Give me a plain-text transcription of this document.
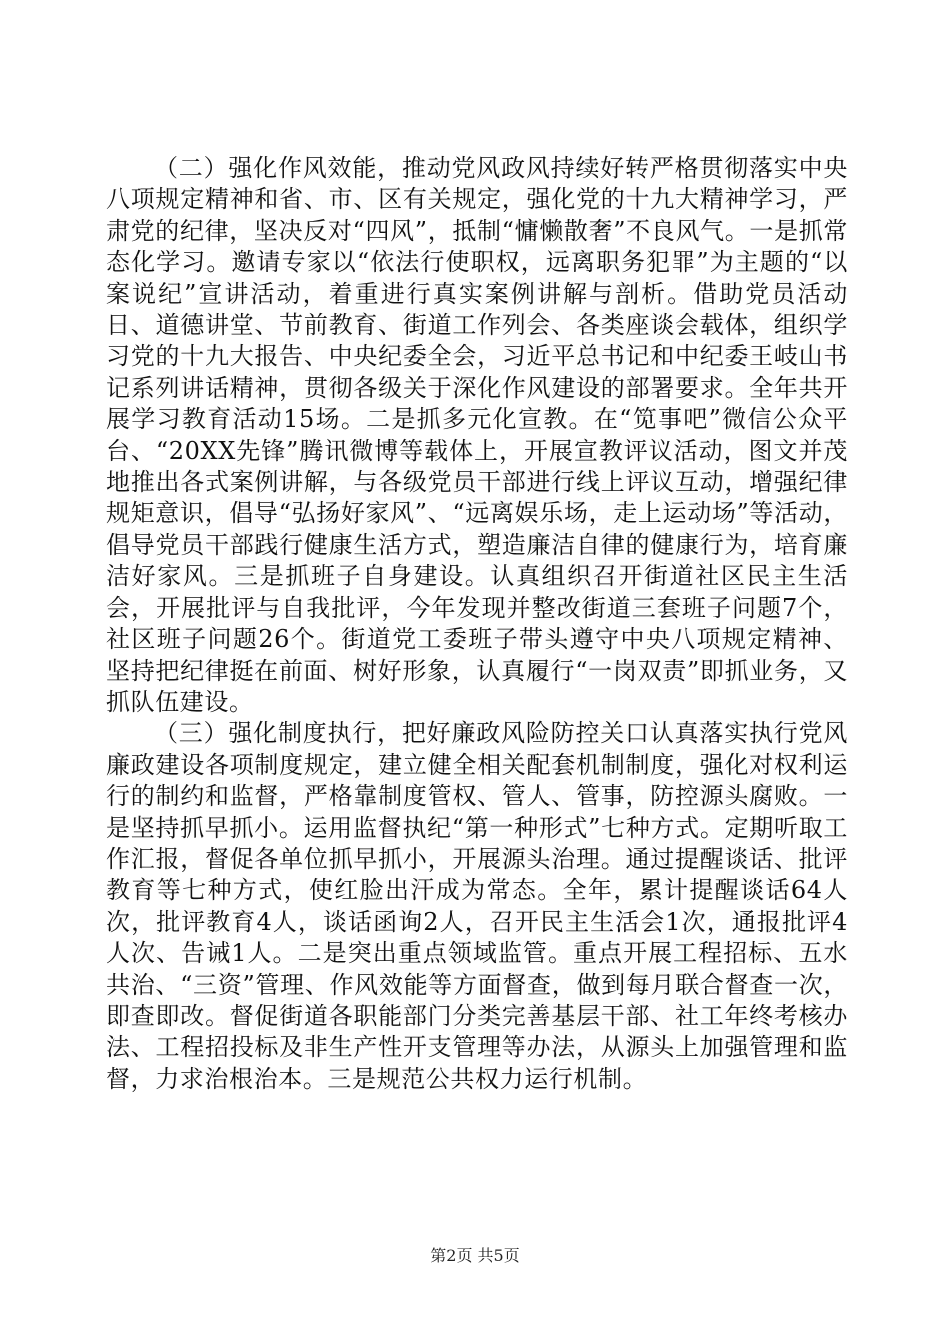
（二）强化作风效能，推动党风政风持续好转严格贯彻落实中央八项规定精神和省、市、区有关规定，强化党的十九大精神学习，严肃党的纪律，坚决反对“四风”，抵制“慵懒散奢”不良风气。一是抓常态化学习。邀请专家以“依法行使职权，远离职务犯罪”为主题的“以案说纪”宣讲活动，着重进行真实案例讲解与剖析。借助党员活动日、道德讲堂、节前教育、街道工作列会、各类座谈会载体，组织学习党的十九大报告、中央纪委全会，习近平总书记和中纪委王岐山书记系列讲话精神，贯彻各级关于深化作风建设的部署要求。全年共开展学习教育活动15场。二是抓多元化宣教。在“笕事吧”微信公众平台、“20XX先锋”腾讯微博等载体上，开展宣教评议活动，图文并茂地推出各式案例讲解，与各级党员干部进行线上评议互动，增强纪律规矩意识，倡导“弘扬好家风”、“远离娱乐场，走上运动场”等活动，倡导党员干部践行健康生活方式，塑造廉洁自律的健康行为，培育廉洁好家风。三是抓班子自身建设。认真组织召开街道社区民主生活会，开展批评与自我批评，今年发现并整改街道三套班子问题7个，社区班子问题26个。街道党工委班子带头遵守中央八项规定精神、坚持把纪律挺在前面、树好形象，认真履行“一岗双责”即抓业务，又抓队伍建设。

（三）强化制度执行，把好廉政风险防控关口认真落实执行党风廉政建设各项制度规定，建立健全相关配套机制制度，强化对权利运行的制约和监督，严格靠制度管权、管人、管事，防控源头腐败。一是坚持抓早抓小。运用监督执纪“第一种形式”七种方式。定期听取工作汇报，督促各单位抓早抓小，开展源头治理。通过提醒谈话、批评教育等七种方式，使红脸出汗成为常态。全年，累计提醒谈话64人次，批评教育4人，谈话函询2人，召开民主生活会1次，通报批评4人次、告诫1人。二是突出重点领域监管。重点开展工程招标、五水共治、“三资”管理、作风效能等方面督查，做到每月联合督查一次，即查即改。督促街道各职能部门分类完善基层干部、社工年终考核办法、工程招投标及非生产性开支管理等办法，从源头上加强管理和监督，力求治根治本。三是规范公共权力运行机制。

第2页 共5页
